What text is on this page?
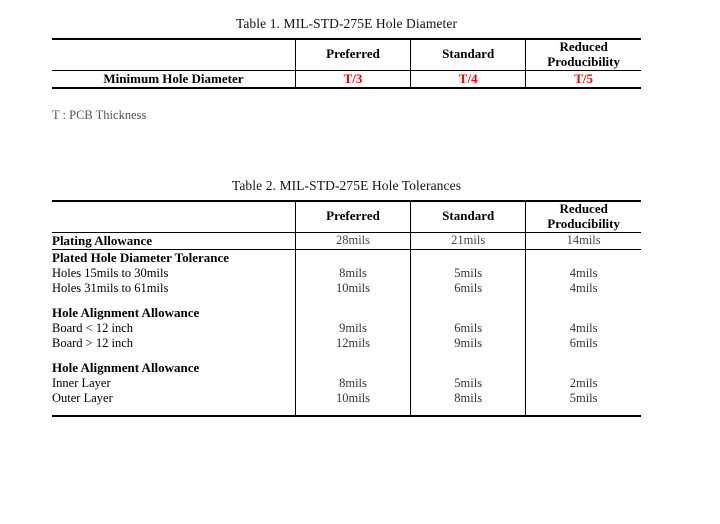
Table 1. MIL-STD-275E Hole Diameter

	Preferred	Standard	Reduced
Producibility

Minimum Hole Diameter	T/3	T/4	T/5
T : PCB Thickness
Table 2. MIL-STD-275E Hole Tolerances

	Preferred	Standard	Reduced
Producibility

Plating Allowance	28mils	21mils	14mils
Plated Hole Diameter Tolerance			
Holes 15mils to 30mils	8mils	5mils	4mils
Holes 31mils to 61mils	10mils	6mils	4mils

Hole Alignment Allowance			
Board < 12 inch	9mils	6mils	4mils
Board > 12 inch	12mils	9mils	6mils

Hole Alignment Allowance			
Inner Layer	8mils	5mils	2mils
Outer Layer	10mils	8mils	5mils
